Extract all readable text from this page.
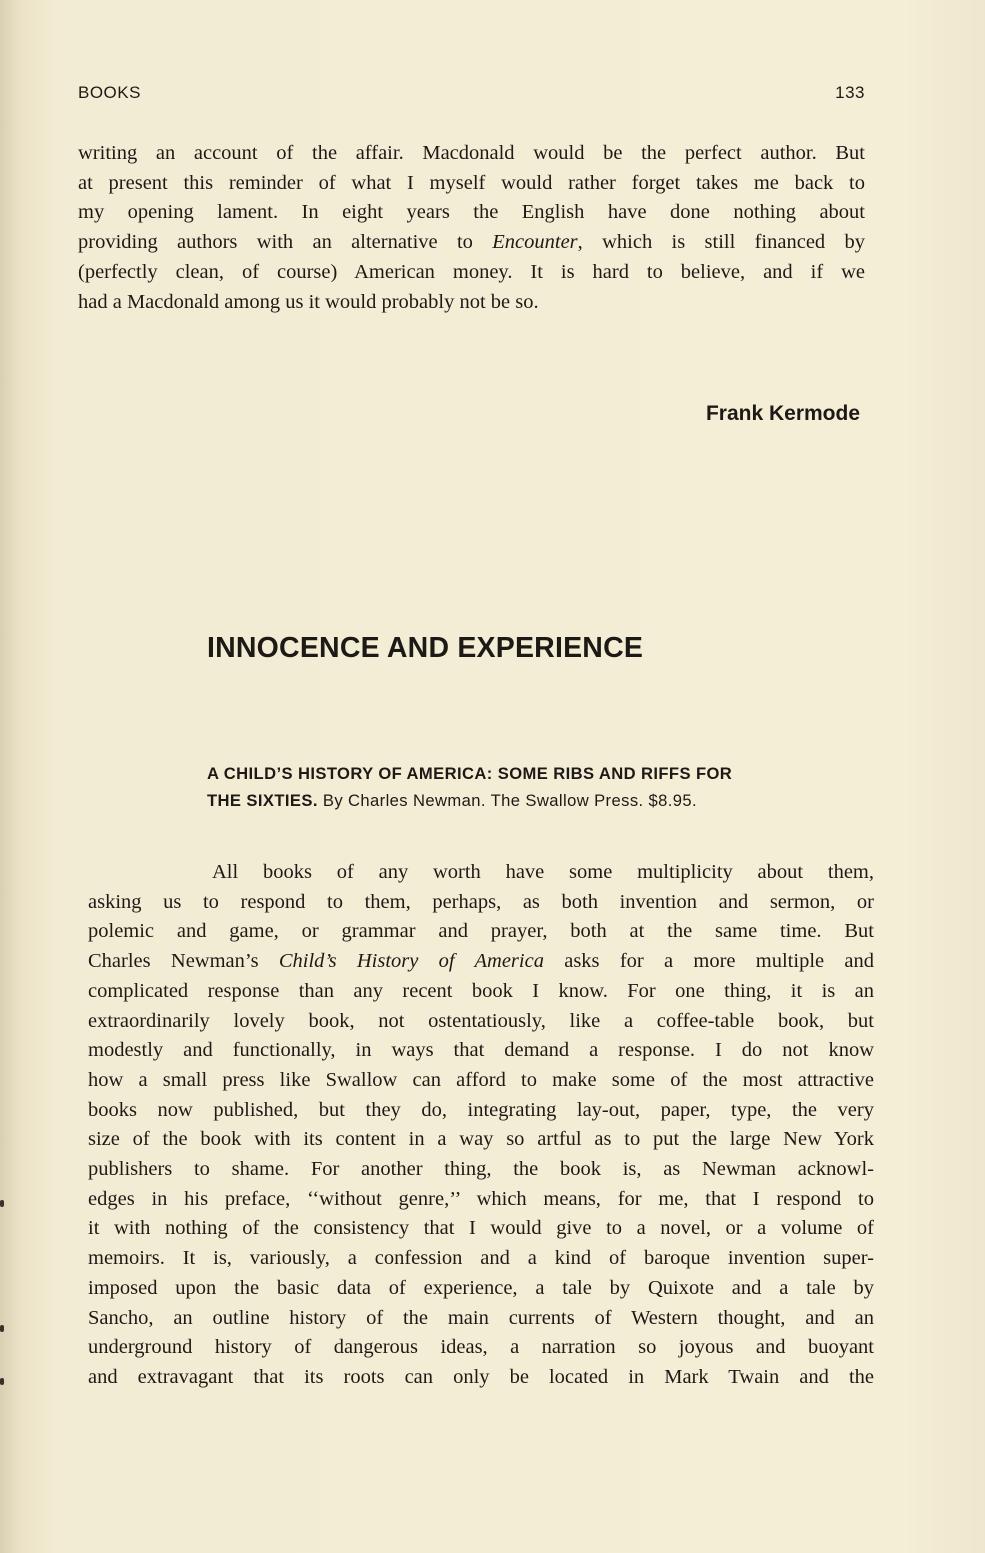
BOOKS	133
writing an account of the affair. Macdonald would be the perfect author. But
at present this reminder of what I myself would rather forget takes me back to
my opening lament. In eight years the English have done nothing about
providing authors with an alternative to Encounter, which is still financed by
(perfectly clean, of course) American money. It is hard to believe, and if we
had a Macdonald among us it would probably not be so.
Frank Kermode
INNOCENCE AND EXPERIENCE
A CHILD’S HISTORY OF AMERICA: SOME RIBS AND RIFFS FOR
THE SIXTIES. By Charles Newman. The Swallow Press. $8.95.
All books of any worth have some multiplicity about them,
asking us to respond to them, perhaps, as both invention and sermon, or
polemic and game, or grammar and prayer, both at the same time. But
Charles Newman’s Child’s History of America asks for a more multiple and
complicated response than any recent book I know. For one thing, it is an
extraordinarily lovely book, not ostentatiously, like a coffee-table book, but
modestly and functionally, in ways that demand a response. I do not know
how a small press like Swallow can afford to make some of the most attractive
books now published, but they do, integrating lay-out, paper, type, the very
size of the book with its content in a way so artful as to put the large New York
publishers to shame. For another thing, the book is, as Newman acknowl-
edges in his preface, ‘‘without genre,’’ which means, for me, that I respond to
it with nothing of the consistency that I would give to a novel, or a volume of
memoirs. It is, variously, a confession and a kind of baroque invention super-
imposed upon the basic data of experience, a tale by Quixote and a tale by
Sancho, an outline history of the main currents of Western thought, and an
underground history of dangerous ideas, a narration so joyous and buoyant
and extravagant that its roots can only be located in Mark Twain and the
